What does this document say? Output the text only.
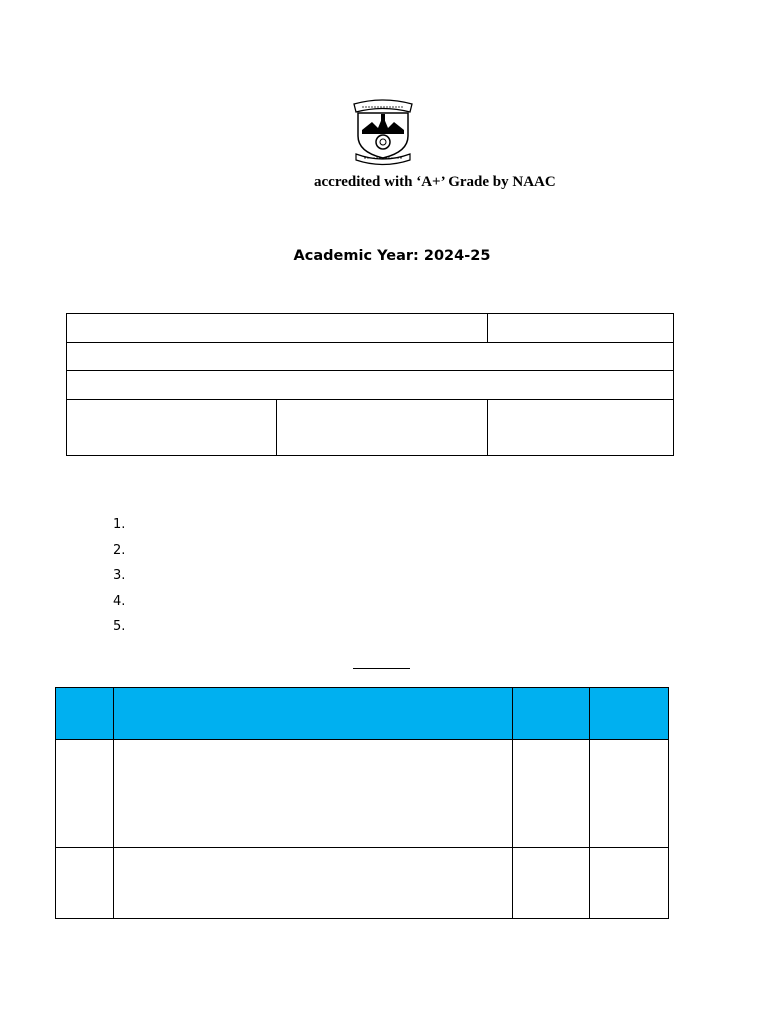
accredited with ‘A+’ Grade by NAAC
Academic Year: 2024-25

1.
2.
3.
4.
5.
